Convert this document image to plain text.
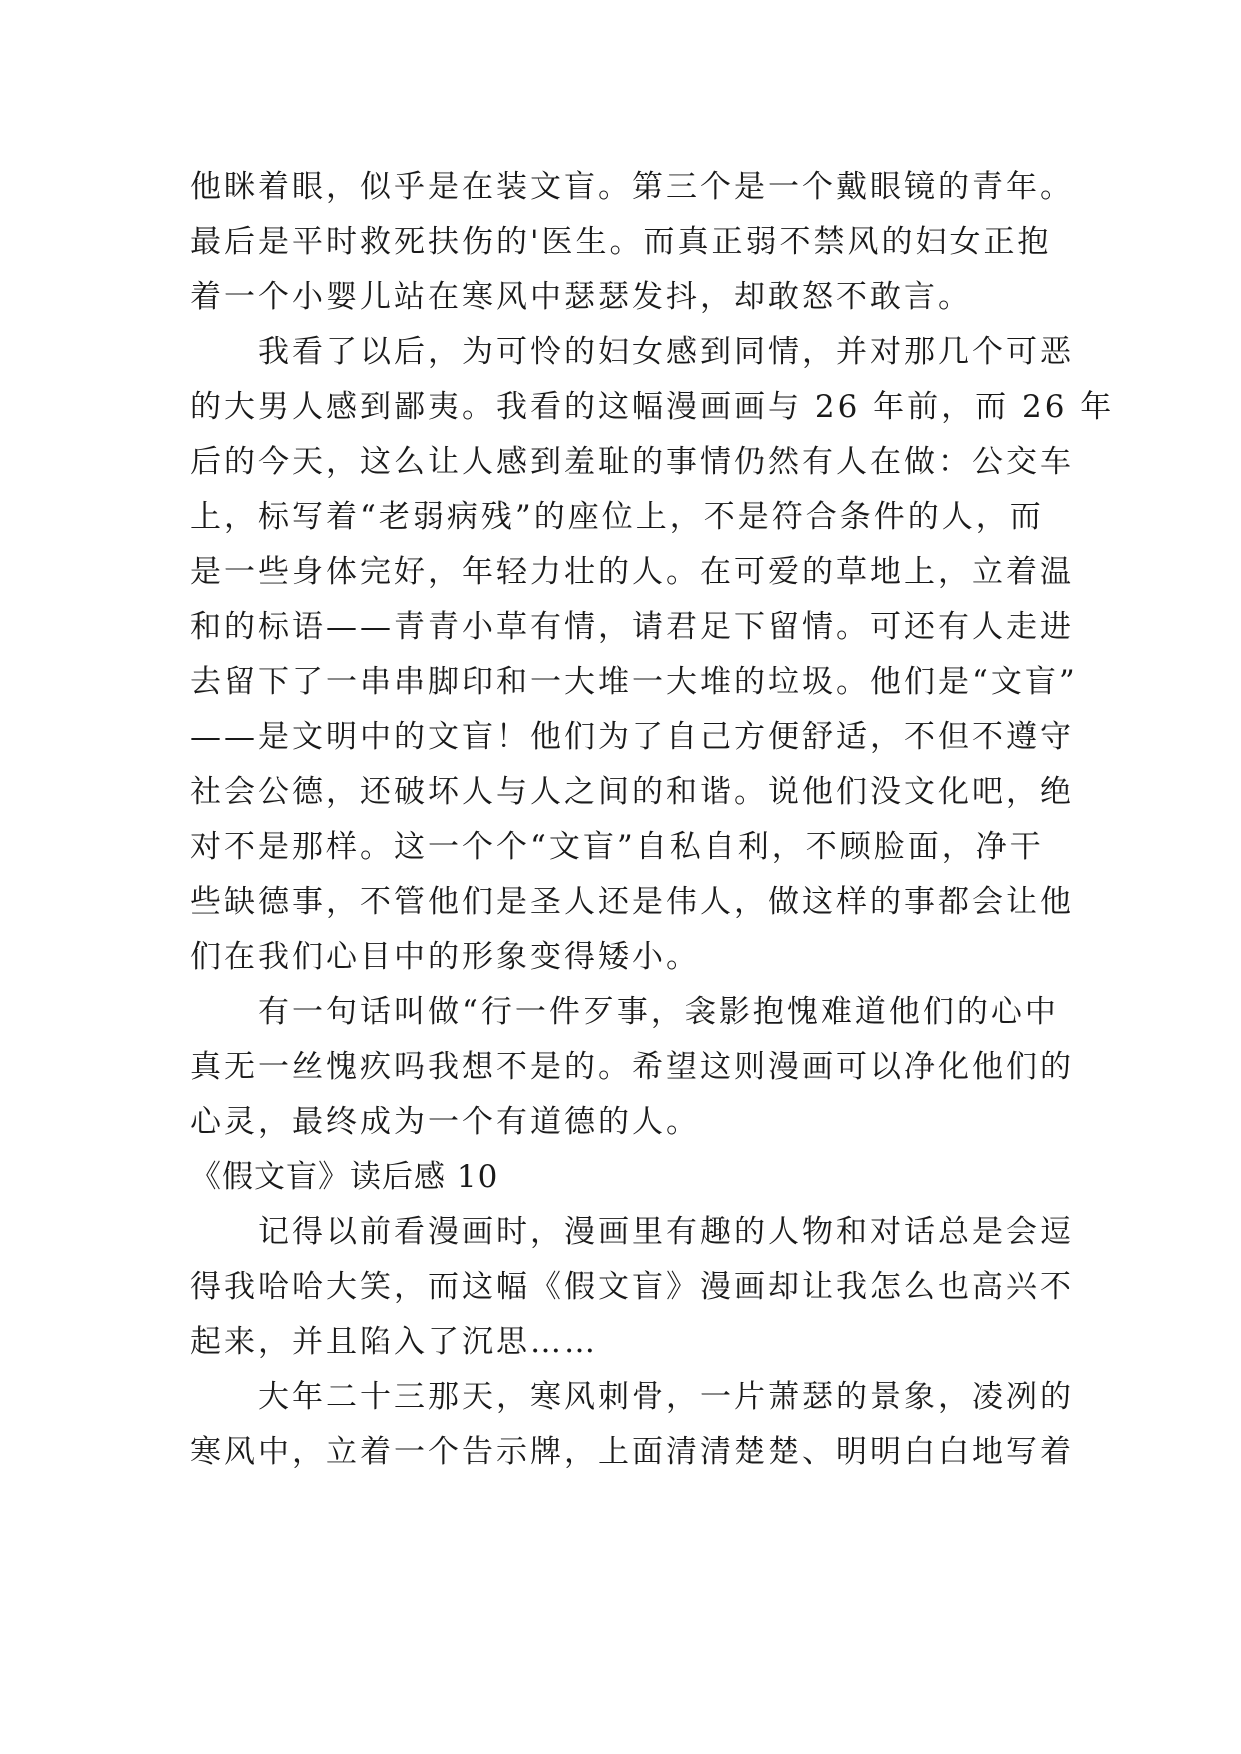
他眯着眼，似乎是在装文盲。第三个是一个戴眼镜的青年。
最后是平时救死扶伤的'医生。而真正弱不禁风的妇女正抱
着一个小婴儿站在寒风中瑟瑟发抖，却敢怒不敢言。
我看了以后，为可怜的妇女感到同情，并对那几个可恶
的大男人感到鄙夷。我看的这幅漫画画与 26 年前，而 26 年
后的今天，这么让人感到羞耻的事情仍然有人在做：公交车
上，标写着“老弱病残”的座位上，不是符合条件的人，而
是一些身体完好，年轻力壮的人。在可爱的草地上，立着温
和的标语——青青小草有情，请君足下留情。可还有人走进
去留下了一串串脚印和一大堆一大堆的垃圾。他们是“文盲”
——是文明中的文盲！他们为了自己方便舒适，不但不遵守
社会公德，还破坏人与人之间的和谐。说他们没文化吧，绝
对不是那样。这一个个“文盲”自私自利，不顾脸面，净干
些缺德事，不管他们是圣人还是伟人，做这样的事都会让他
们在我们心目中的形象变得矮小。
有一句话叫做“行一件歹事，衾影抱愧难道他们的心中
真无一丝愧疚吗我想不是的。希望这则漫画可以净化他们的
心灵，最终成为一个有道德的人。
《假文盲》读后感 10
记得以前看漫画时，漫画里有趣的人物和对话总是会逗
得我哈哈大笑，而这幅《假文盲》漫画却让我怎么也高兴不
起来，并且陷入了沉思……
大年二十三那天，寒风刺骨，一片萧瑟的景象，凌冽的
寒风中，立着一个告示牌，上面清清楚楚、明明白白地写着
